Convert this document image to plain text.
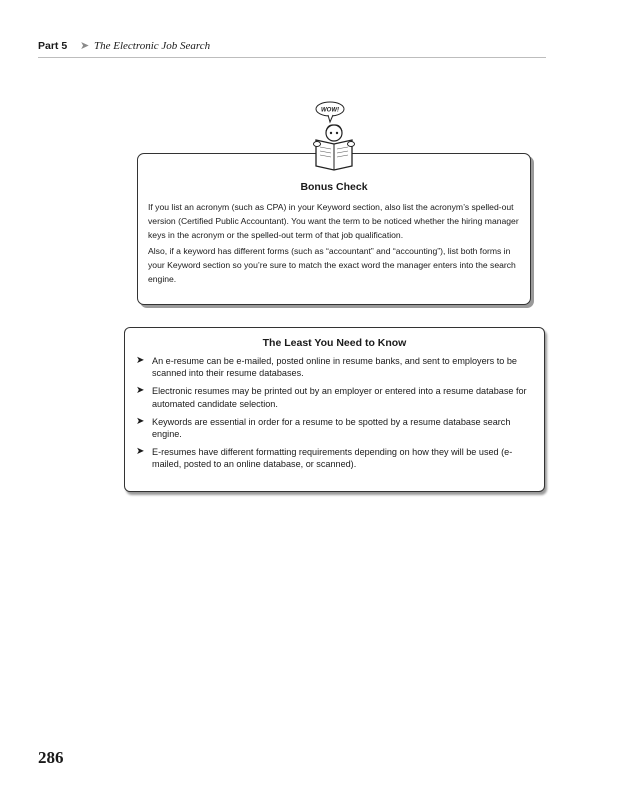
Part 5 ➤ The Electronic Job Search
WOW!
Bonus Check

If you list an acronym (such as CPA) in your Keyword section, also list the acronym’s spelled-out version (Certified Public Accountant). You want the term to be noticed whether the hiring manager keys in the acronym or the spelled-out term of that job qualification.

Also, if a keyword has different forms (such as “accountant” and “accounting”), list both forms in your Keyword section so you’re sure to match the exact word the manager enters into the search engine.

The Least You Need to Know
➤ An e-resume can be e-mailed, posted online in resume banks, and sent to employers to be scanned into their resume databases.
➤ Electronic resumes may be printed out by an employer or entered into a resume database for automated candidate selection.
➤ Keywords are essential in order for a resume to be spotted by a resume database search engine.
➤ E-resumes have different formatting requirements depending on how they will be used (e-mailed, posted to an online database, or scanned).
286
